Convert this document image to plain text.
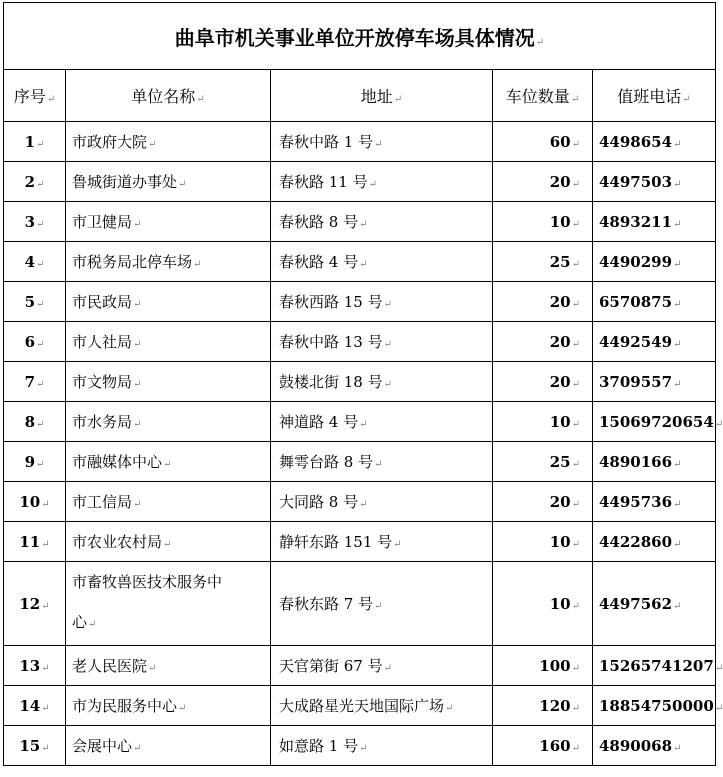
曲阜市机关事业单位开放停车场具体情况↵				
序号↵	单位名称↵	地址↵	车位数量↵	值班电话↵
1↵	市政府大院↵	春秋中路 1 号↵	60↵	4498654↵
2↵	鲁城街道办事处↵	春秋路 11 号↵	20↵	4497503↵
3↵	市卫健局↵	春秋路 8 号↵	10↵	4893211↵
4↵	市税务局北停车场↵	春秋路 4 号↵	25↵	4490299↵
5↵	市民政局↵	春秋西路 15 号↵	20↵	6570875↵
6↵	市人社局↵	春秋中路 13 号↵	20↵	4492549↵
7↵	市文物局↵	鼓楼北街 18 号↵	20↵	3709557↵
8↵	市水务局↵	神道路 4 号↵	10↵	15069720654↵
9↵	市融媒体中心↵	舞雩台路 8 号↵	25↵	4890166↵
10↵	市工信局↵	大同路 8 号↵	20↵	4495736↵
11↵	市农业农村局↵	静轩东路 151 号↵	10↵	4422860↵
12↵	市畜牧兽医技术服务中
心↵	春秋东路 7 号↵	10↵	4497562↵
13↵	老人民医院↵	天官第街 67 号↵	100↵	15265741207↵
14↵	市为民服务中心↵	大成路星光天地国际广场↵	120↵	18854750000↵
15↵	会展中心↵	如意路 1 号↵	160↵	4890068↵
